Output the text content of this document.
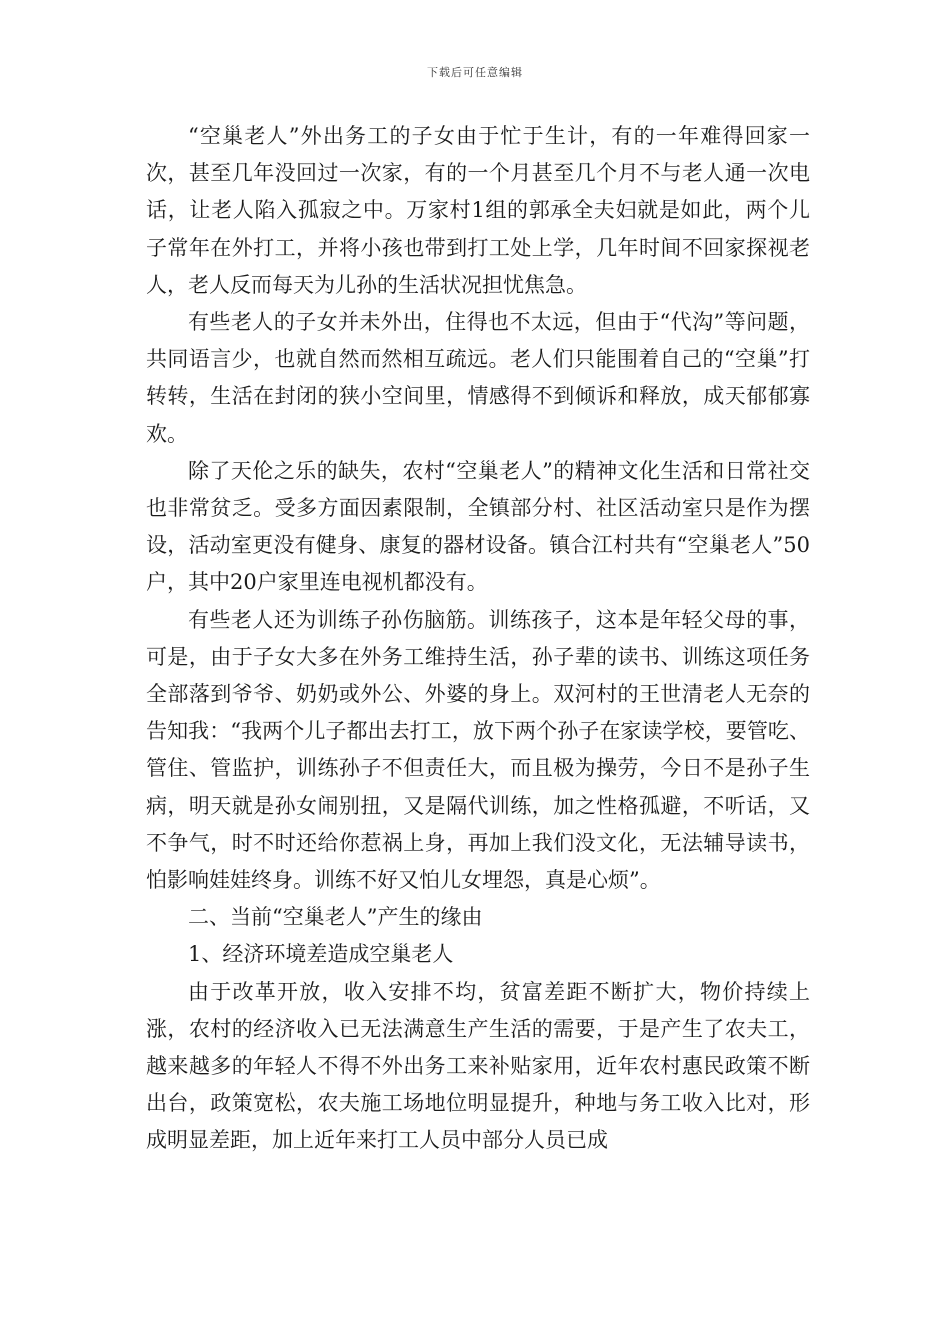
下载后可任意编辑

“空巢老人”外出务工的子女由于忙于生计，有的一年难得回家一次，甚至几年没回过一次家，有的一个月甚至几个月不与老人通一次电话，让老人陷入孤寂之中。万家村1组的郭承全夫妇就是如此，两个儿子常年在外打工，并将小孩也带到打工处上学，几年时间不回家探视老人，老人反而每天为儿孙的生活状况担忧焦急。

有些老人的子女并未外出，住得也不太远，但由于“代沟”等问题，共同语言少，也就自然而然相互疏远。老人们只能围着自己的“空巢”打转转，生活在封闭的狭小空间里，情感得不到倾诉和释放，成天郁郁寡欢。

除了天伦之乐的缺失，农村“空巢老人”的精神文化生活和日常社交也非常贫乏。受多方面因素限制，全镇部分村、社区活动室只是作为摆设，活动室更没有健身、康复的器材设备。镇合江村共有“空巢老人”50户，其中20户家里连电视机都没有。

有些老人还为训练子孙伤脑筋。训练孩子，这本是年轻父母的事，可是，由于子女大多在外务工维持生活，孙子辈的读书、训练这项任务全部落到爷爷、奶奶或外公、外婆的身上。双河村的王世清老人无奈的告知我：“我两个儿子都出去打工，放下两个孙子在家读学校，要管吃、管住、管监护，训练孙子不但责任大，而且极为操劳，今日不是孙子生病，明天就是孙女闹别扭，又是隔代训练，加之性格孤避，不听话，又不争气，时不时还给你惹祸上身，再加上我们没文化，无法辅导读书，怕影响娃娃终身。训练不好又怕儿女埋怨，真是心烦”。

二、当前“空巢老人”产生的缘由

1、经济环境差造成空巢老人

由于改革开放，收入安排不均，贫富差距不断扩大，物价持续上涨，农村的经济收入已无法满意生产生活的需要，于是产生了农夫工，越来越多的年轻人不得不外出务工来补贴家用，近年农村惠民政策不断出台，政策宽松，农夫施工场地位明显提升，种地与务工收入比对，形成明显差距，加上近年来打工人员中部分人员已成
